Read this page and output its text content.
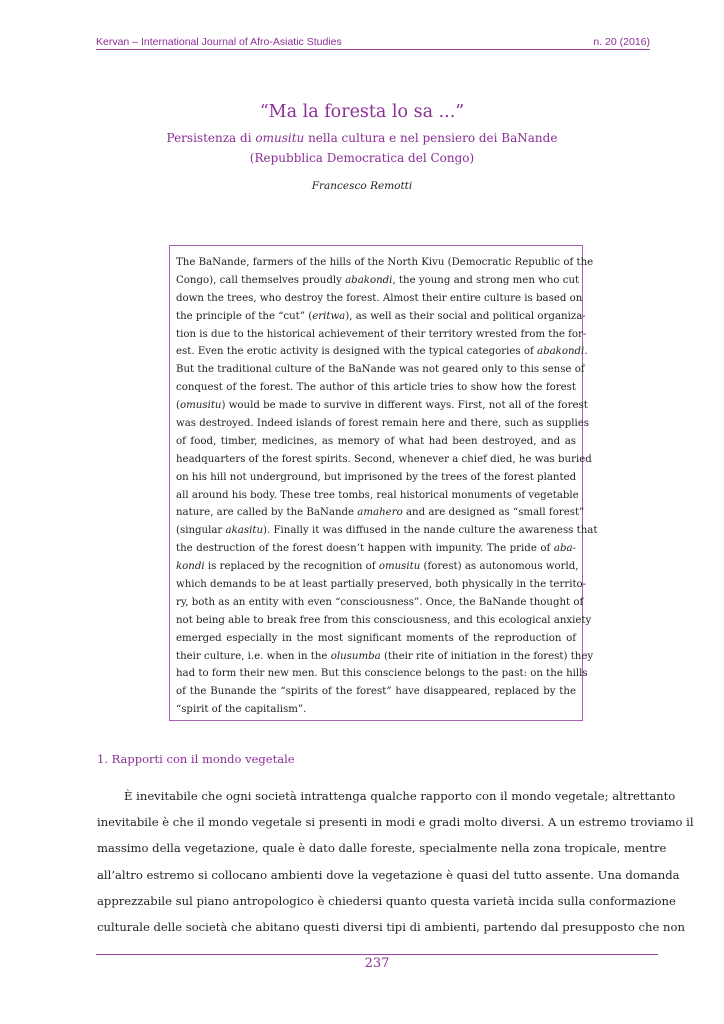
Kervan – International Journal of Afro-Asiatic Studies	n. 20 (2016)
“Ma la foresta lo sa ...”
Persistenza di omusitu nella cultura e nel pensiero dei BaNande
(Repubblica Democratica del Congo)
Francesco Remotti
The BaNande, farmers of the hills of the North Kivu (Democratic Republic of the
Congo), call themselves proudly abakondi, the young and strong men who cut
down the trees, who destroy the forest. Almost their entire culture is based on
the principle of the “cut” (eritwa), as well as their social and political organiza-
tion is due to the historical achievement of their territory wrested from the for-
est. Even the erotic activity is designed with the typical categories of abakondi.
But the traditional culture of the BaNande was not geared only to this sense of
conquest of the forest. The author of this article tries to show how the forest
(omusitu) would be made to survive in different ways. First, not all of the forest
was destroyed. Indeed islands of forest remain here and there, such as supplies
of food, timber, medicines, as memory of what had been destroyed, and as
headquarters of the forest spirits. Second, whenever a chief died, he was buried
on his hill not underground, but imprisoned by the trees of the forest planted
all around his body. These tree tombs, real historical monuments of vegetable
nature, are called by the BaNande amahero and are designed as “small forest”
(singular akasitu). Finally it was diffused in the nande culture the awareness that
the destruction of the forest doesn’t happen with impunity. The pride of aba-
kondi is replaced by the recognition of omusitu (forest) as autonomous world,
which demands to be at least partially preserved, both physically in the territo-
ry, both as an entity with even “consciousness”. Once, the BaNande thought of
not being able to break free from this consciousness, and this ecological anxiety
emerged especially in the most significant moments of the reproduction of
their culture, i.e. when in the olusumba (their rite of initiation in the forest) they
had to form their new men. But this conscience belongs to the past: on the hills
of the Bunande the “spirits of the forest” have disappeared, replaced by the
“spirit of the capitalism”.
1. Rapporti con il mondo vegetale
È inevitabile che ogni società intrattenga qualche rapporto con il mondo vegetale; altrettanto
inevitabile è che il mondo vegetale si presenti in modi e gradi molto diversi. A un estremo troviamo il
massimo della vegetazione, quale è dato dalle foreste, specialmente nella zona tropicale, mentre
all’altro estremo si collocano ambienti dove la vegetazione è quasi del tutto assente. Una domanda
apprezzabile sul piano antropologico è chiedersi quanto questa varietà incida sulla conformazione
culturale delle società che abitano questi diversi tipi di ambienti, partendo dal presupposto che non
237
